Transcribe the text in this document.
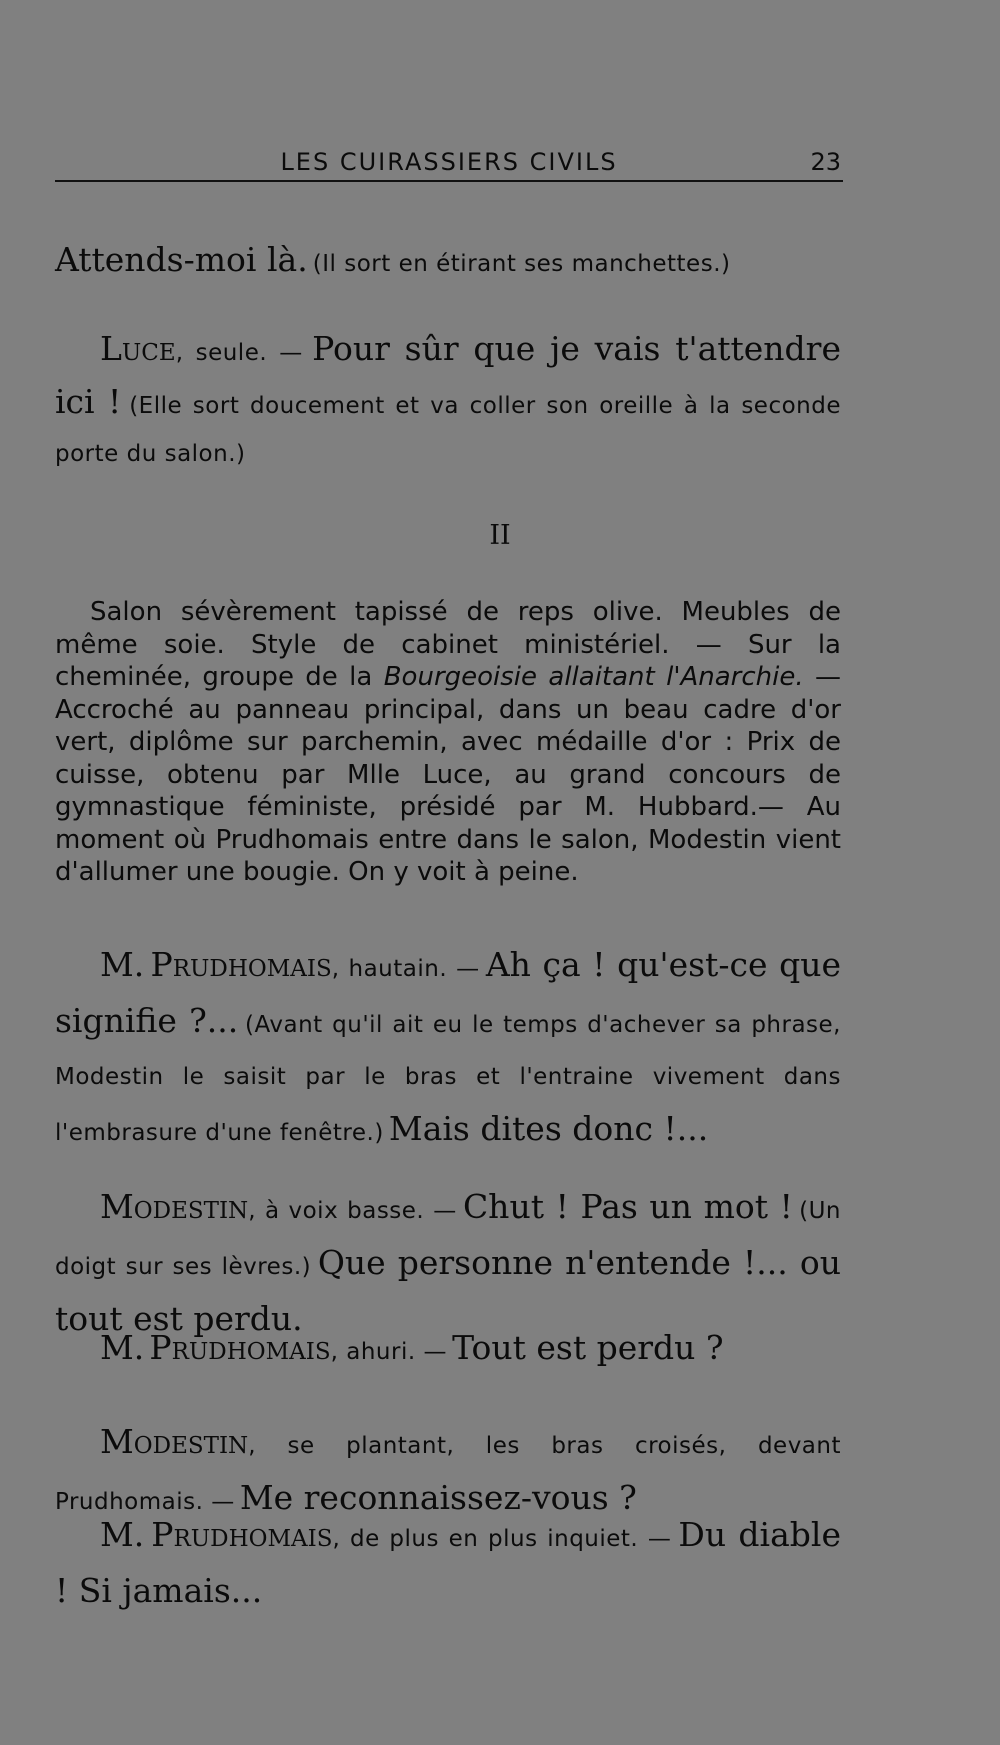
LES CUIRASSIERS CIVILS	23

Attends-moi là. (Il sort en étirant ses manchettes.)

Luce, seule. — Pour sûr que je vais t'attendre ici ! (Elle sort doucement et va coller son oreille à la seconde porte du salon.)

II

Salon sévèrement tapissé de reps olive. Meubles de même soie. Style de cabinet ministériel. — Sur la cheminée, groupe de la Bourgeoisie allaitant l'Anarchie. — Accroché au panneau principal, dans un beau cadre d'or vert, diplôme sur parchemin, avec médaille d'or : Prix de cuisse, obtenu par Mlle Luce, au grand concours de gymnastique féministe, présidé par M. Hubbard.— Au moment où Prudhomais entre dans le salon, Modestin vient d'allumer une bougie. On y voit à peine.

M. Prudhomais, hautain. — Ah ça ! qu'est-ce que signifie ?... (Avant qu'il ait eu le temps d'achever sa phrase, Modestin le saisit par le bras et l'entraine vivement dans l'embrasure d'une fenêtre.) Mais dites donc !...

Modestin, à voix basse. — Chut ! Pas un mot ! (Un doigt sur ses lèvres.) Que personne n'entende !... ou tout est perdu.

M. Prudhomais, ahuri. — Tout est perdu ?

Modestin, se plantant, les bras croisés, devant Prudhomais. — Me reconnaissez-vous ?

M. Prudhomais, de plus en plus inquiet. — Du diable ! Si jamais...
